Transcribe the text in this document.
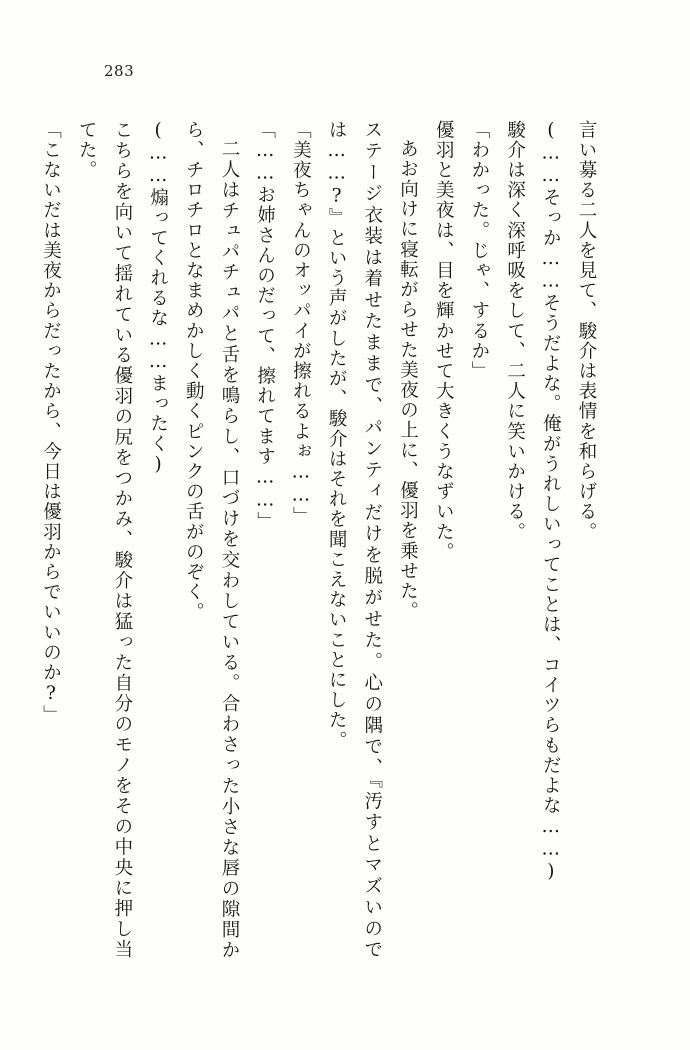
283

言い募る二人を見て、駿介は表情を和らげる。

(……そっか……そうだよな。俺がうれしいってことは、コイツらもだよな……)

駿介は深く深呼吸をして、二人に笑いかける。

「わかった。じゃ、するか」

優羽と美夜は、目を輝かせて大きくうなずいた。

あお向けに寝転がらせた美夜の上に、優羽を乗せた。

ステージ衣装は着せたままで、パンティだけを脱がせた。心の隅で、『汚すとマズいのでは……?』という声がしたが、駿介はそれを聞こえないことにした。

「美夜ちゃんのオッパイが擦れるよぉ……」

「……お姉さんのだって、擦れてます……」

二人はチュパチュパと舌を鳴らし、口づけを交わしている。合わさった小さな唇の隙間から、チロチロとなまめかしく動くピンクの舌がのぞく。

(……煽ってくれるな……まったく)

こちらを向いて揺れている優羽の尻をつかみ、駿介は猛った自分のモノをその中央に押し当てた。

「こないだは美夜からだったから、今日は優羽からでいいのか?」
